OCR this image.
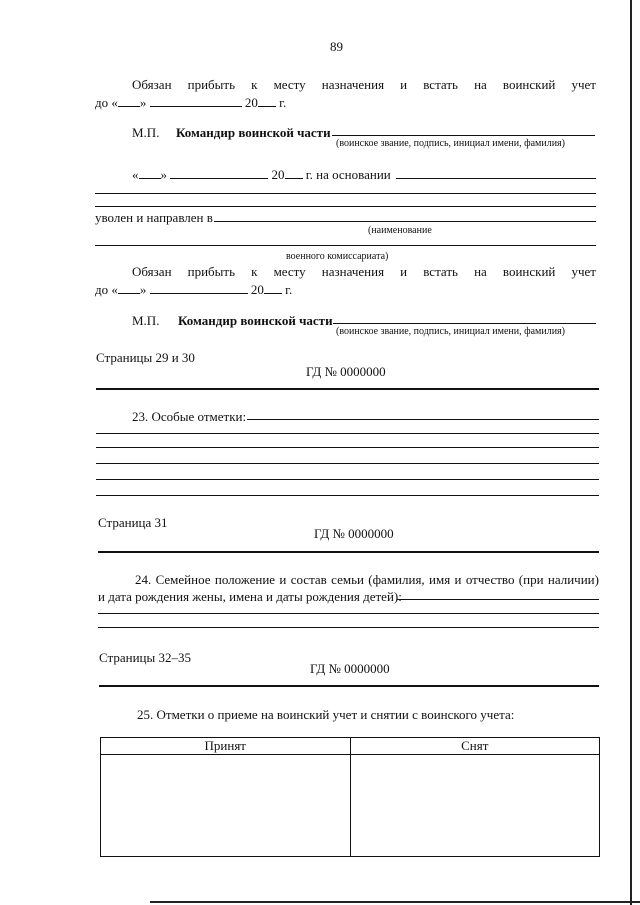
89
Обязан прибыть к месту назначения и встать на воинский учет
до « »	20 г.
М.П. Командир воинской части
(воинское звание, подпись, инициал имени, фамилия)
« »	20 г. на основании
уволен и направлен в
(наименование
военного комиссариата)
Обязан прибыть к месту назначения и встать на воинский учет
до « »	20 г.
М.П. Командир воинской части
(воинское звание, подпись, инициал имени, фамилия)
Страницы 29 и 30
ГД № 0000000
23. Особые отметки:
Страница 31
ГД № 0000000
24. Семейное положение и состав семьи (фамилия, имя и отчество (при наличии)
и дата рождения жены, имена и даты рождения детей):
Страницы 32–35
ГД № 0000000
25. Отметки о приеме на воинский учет и снятии с воинского учета:
Принят	Снят
